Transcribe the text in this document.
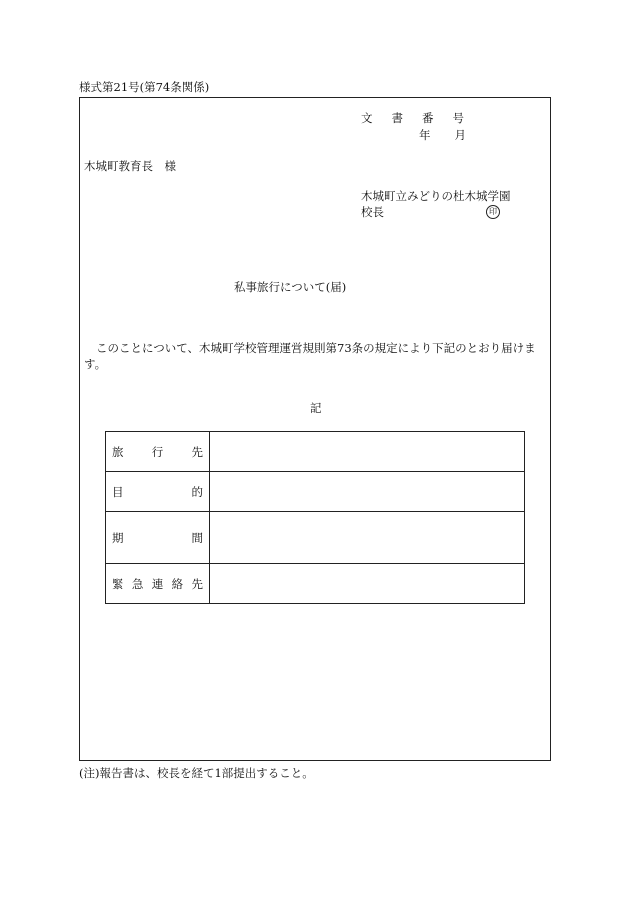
様式第21号(第74条関係)
文 書 番 号
年 月
木城町教育長　様
木城町立みどりの杜木城学園
校長	印
私事旅行について(届)
このことについて、木城町学校管理運営規則第73条の規定により下記のとおり届けます。
記
旅 行 先	

目 的	

期 間	

緊 急 連 絡 先	

(注)報告書は、校長を経て1部提出すること。
